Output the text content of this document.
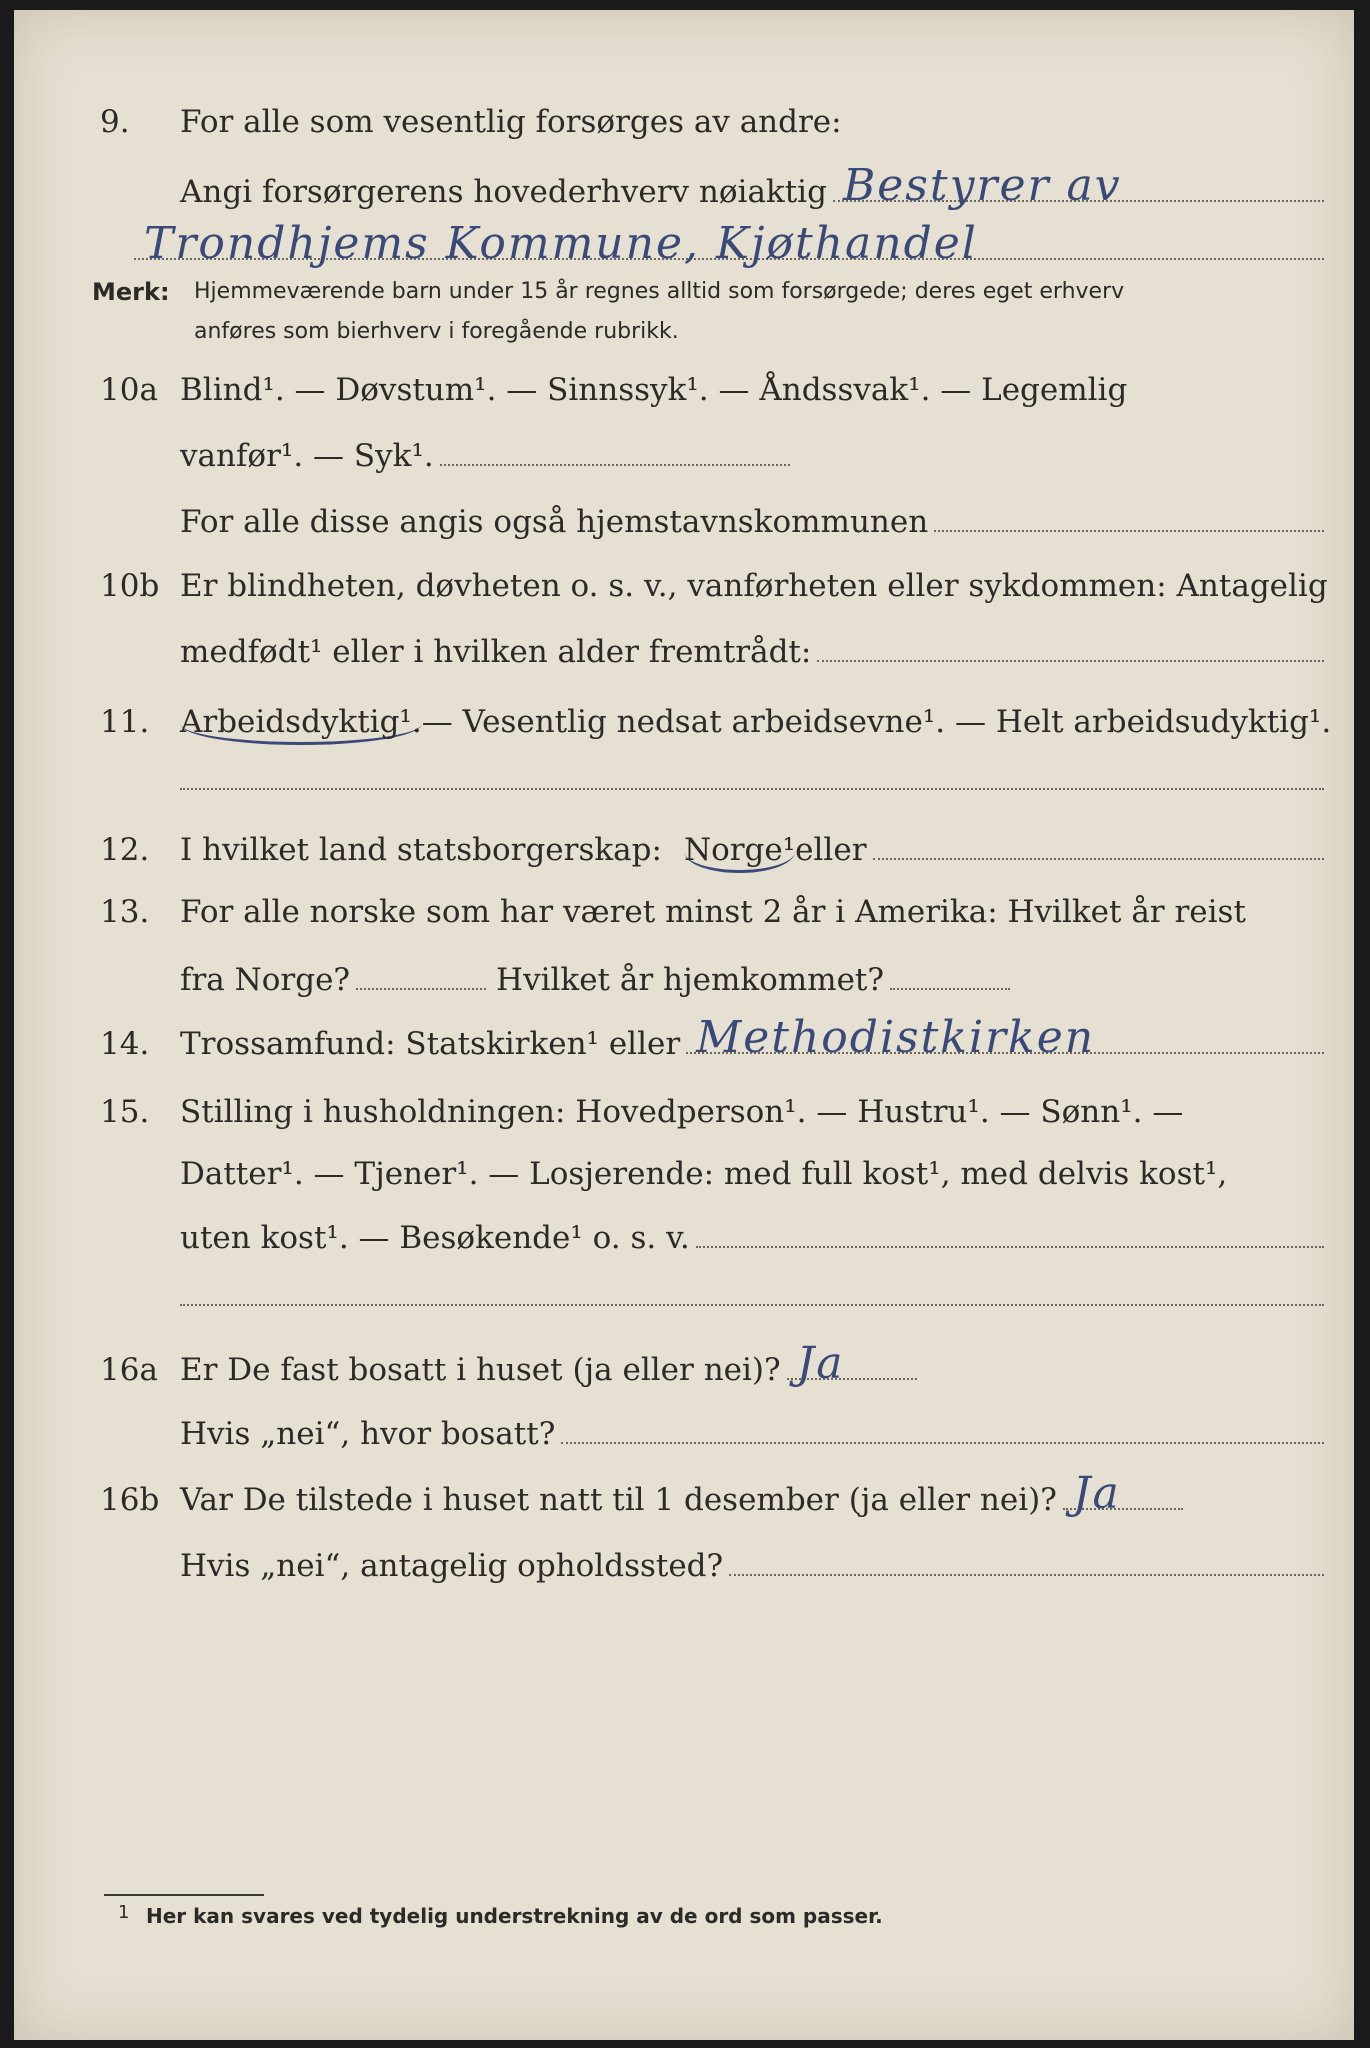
9. For alle som vesentlig forsørges av andre:
Angi forsørgerens hovederhverv nøiaktig Bestyrer av
Trondhjems Kommune, Kjøthandel
Merk: Hjemmeværende barn under 15 år regnes alltid som forsørgede; deres eget erhverv
anføres som bierhverv i foregående rubrikk.
10a Blind¹. — Døvstum¹. — Sinnssyk¹. — Åndssvak¹. — Legemlig
vanfør¹. — Syk¹.
For alle disse angis også hjemstavnskommunen
10b Er blindheten, døvheten o. s. v., vanførheten eller sykdommen: Antagelig
medfødt¹ eller i hvilken alder fremtrådt:
11. Arbeidsdyktig¹. — Vesentlig nedsat arbeidsevne¹. — Helt arbeidsudyktig¹.
12. I hvilket land statsborgerskap: Norge¹ eller
13. For alle norske som har været minst 2 år i Amerika: Hvilket år reist
fra Norge?	Hvilket år hjemkommet?
14. Trossamfund: Statskirken¹ eller Methodistkirken
15. Stilling i husholdningen: Hovedperson¹. — Hustru¹. — Sønn¹. —
Datter¹. — Tjener¹. — Losjerende: med full kost¹, med delvis kost¹,
uten kost¹. — Besøkende¹ o. s. v.
16a Er De fast bosatt i huset (ja eller nei)? Ja
Hvis „nei“, hvor bosatt?
16b Var De tilstede i huset natt til 1 desember (ja eller nei)? Ja
Hvis „nei“, antagelig opholdssted?
1 Her kan svares ved tydelig understrekning av de ord som passer.
